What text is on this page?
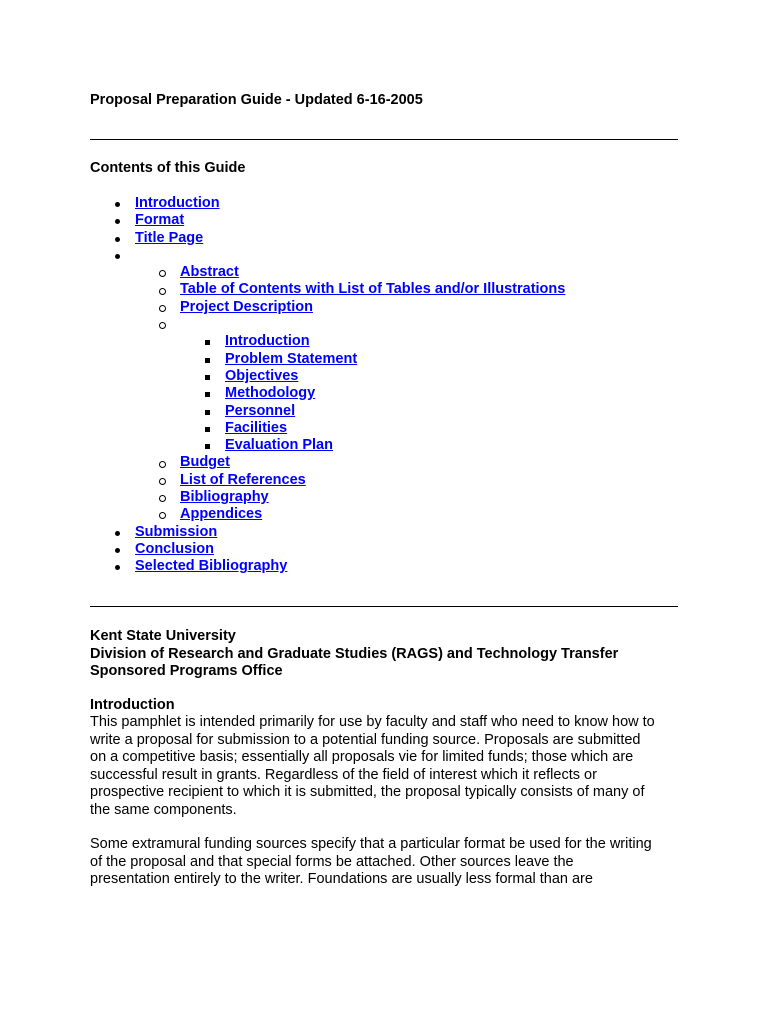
Proposal Preparation Guide - Updated 6-16-2005
Contents of this Guide
Introduction
Format
Title Page
Abstract
Table of Contents with List of Tables and/or Illustrations
Project Description
Introduction
Problem Statement
Objectives
Methodology
Personnel
Facilities
Evaluation Plan
Budget
List of References
Bibliography
Appendices
Submission
Conclusion
Selected Bibliography
Kent State University
Division of Research and Graduate Studies (RAGS) and Technology Transfer
Sponsored Programs Office
Introduction
This pamphlet is intended primarily for use by faculty and staff who need to know how to
write a proposal for submission to a potential funding source. Proposals are submitted
on a competitive basis; essentially all proposals vie for limited funds; those which are
successful result in grants. Regardless of the field of interest which it reflects or
prospective recipient to which it is submitted, the proposal typically consists of many of
the same components.
Some extramural funding sources specify that a particular format be used for the writing
of the proposal and that special forms be attached. Other sources leave the
presentation entirely to the writer. Foundations are usually less formal than are
